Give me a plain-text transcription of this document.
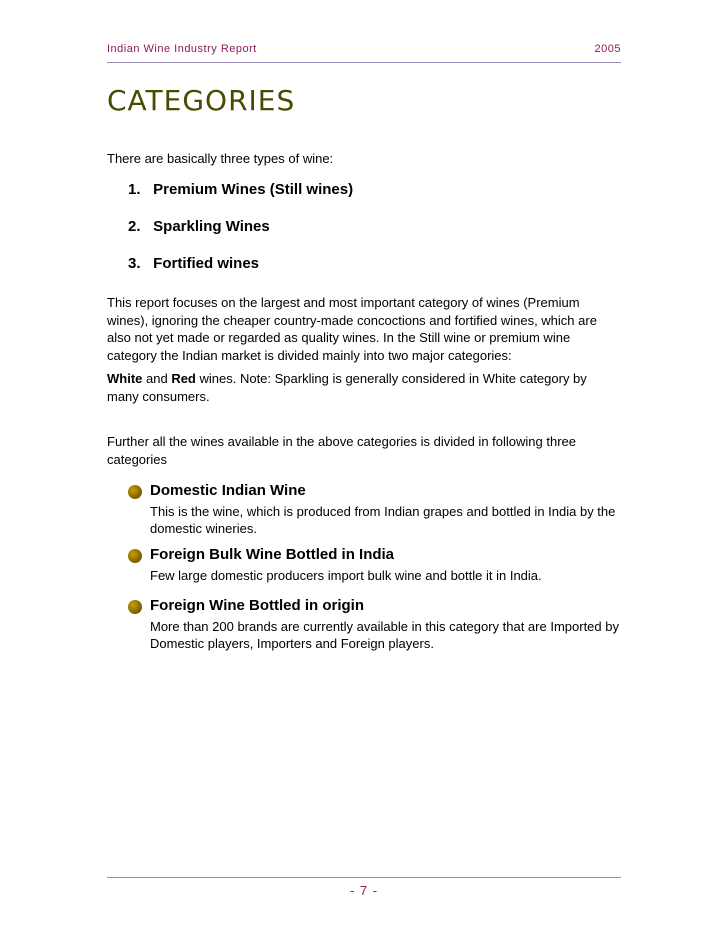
Indian Wine Industry Report	2005
CATEGORIES
There are basically three types of wine:
1. Premium Wines (Still wines)
2. Sparkling Wines
3. Fortified wines

This report focuses on the largest and most important category of wines (Premium wines), ignoring the cheaper country-made concoctions and fortified wines, which are also not yet made or regarded as quality wines. In the Still wine or premium wine category the Indian market is divided mainly into two major categories:

White and Red wines. Note: Sparkling is generally considered in White category by many consumers.

Further all the wines available in the above categories is divided in following three categories

Domestic Indian Wine
This is the wine, which is produced from Indian grapes and bottled in India by the domestic wineries.
Foreign Bulk Wine Bottled in India
Few large domestic producers import bulk wine and bottle it in India.
Foreign Wine Bottled in origin
More than 200 brands are currently available in this category that are Imported by Domestic players, Importers and Foreign players.
- 7 -
